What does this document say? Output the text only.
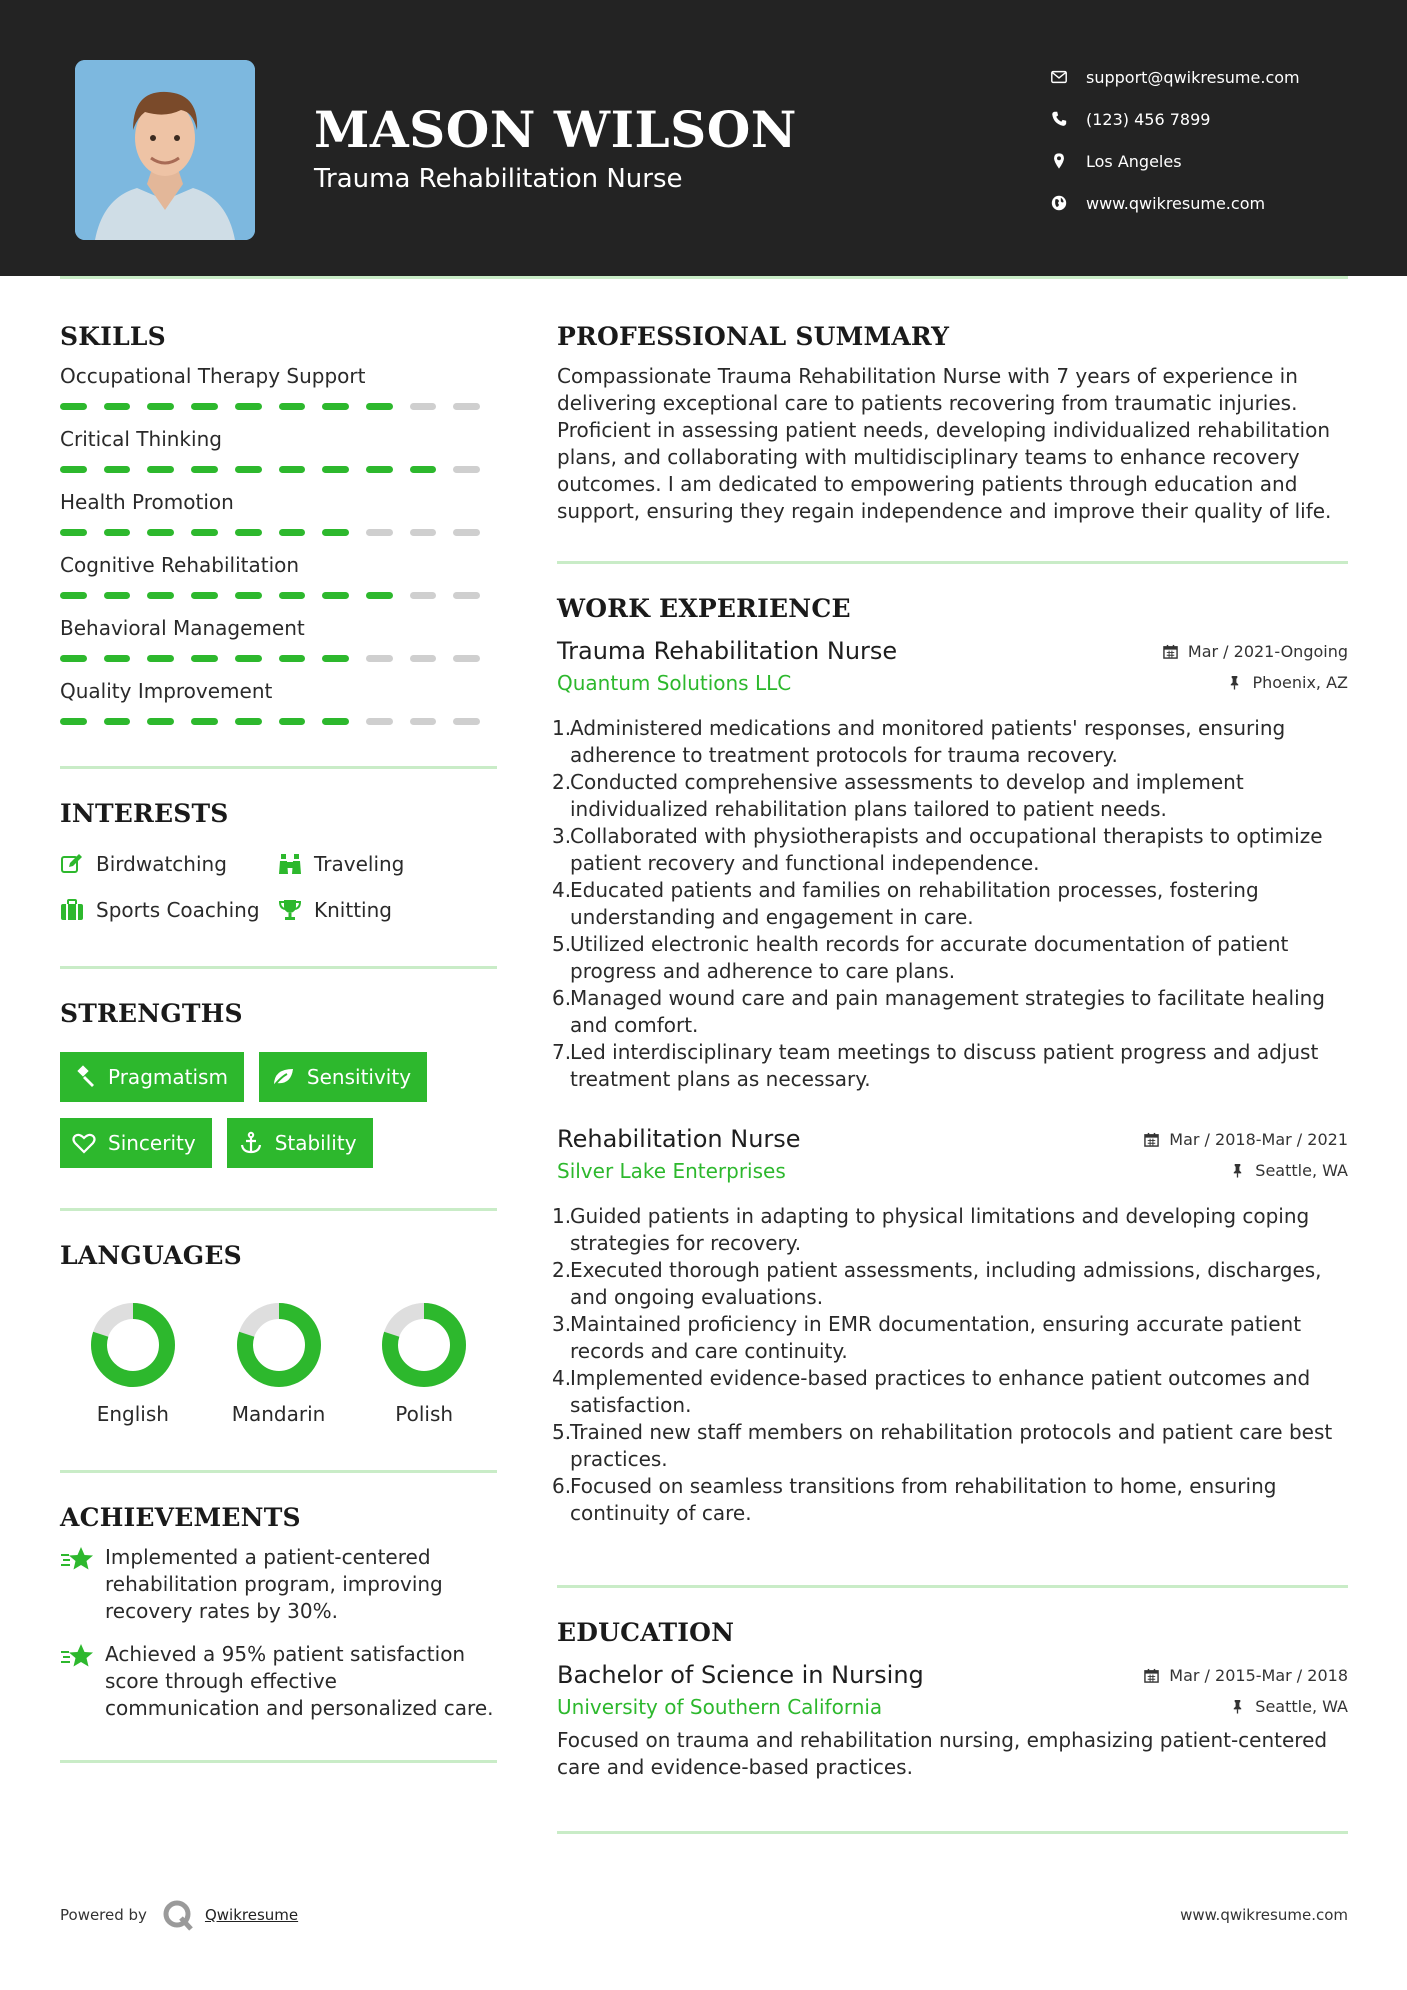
MASON WILSON
Trauma Rehabilitation Nurse
support@qwikresume.com
(123) 456 7899
Los Angeles
www.qwikresume.com
SKILLS
Occupational Therapy Support
Critical Thinking
Health Promotion
Cognitive Rehabilitation
Behavioral Management
Quality Improvement
INTERESTS
Birdwatching	Traveling
Sports Coaching	Knitting
STRENGTHS
Pragmatism	Sensitivity
Sincerity	Stability
LANGUAGES
English	Mandarin	Polish
ACHIEVEMENTS
Implemented a patient-centered rehabilitation program, improving recovery rates by 30%.
Achieved a 95% patient satisfaction score through effective communication and personalized care.
PROFESSIONAL SUMMARY
Compassionate Trauma Rehabilitation Nurse with 7 years of experience in delivering exceptional care to patients recovering from traumatic injuries. Proficient in assessing patient needs, developing individualized rehabilitation plans, and collaborating with multidisciplinary teams to enhance recovery outcomes. I am dedicated to empowering patients through education and support, ensuring they regain independence and improve their quality of life.
WORK EXPERIENCE
Trauma Rehabilitation Nurse	Mar / 2021-Ongoing
Quantum Solutions LLC	Phoenix, AZ
1.
Administered medications and monitored patients' responses, ensuring adherence to treatment protocols for trauma recovery.
2.
Conducted comprehensive assessments to develop and implement individualized rehabilitation plans tailored to patient needs.
3.
Collaborated with physiotherapists and occupational therapists to optimize patient recovery and functional independence.
4.
Educated patients and families on rehabilitation processes, fostering understanding and engagement in care.
5.
Utilized electronic health records for accurate documentation of patient progress and adherence to care plans.
6.
Managed wound care and pain management strategies to facilitate healing and comfort.
7.
Led interdisciplinary team meetings to discuss patient progress and adjust treatment plans as necessary.
Rehabilitation Nurse	Mar / 2018-Mar / 2021
Silver Lake Enterprises	Seattle, WA
1.
Guided patients in adapting to physical limitations and developing coping strategies for recovery.
2.
Executed thorough patient assessments, including admissions, discharges, and ongoing evaluations.
3.
Maintained proficiency in EMR documentation, ensuring accurate patient records and care continuity.
4.
Implemented evidence-based practices to enhance patient outcomes and satisfaction.
5.
Trained new staff members on rehabilitation protocols and patient care best practices.
6.
Focused on seamless transitions from rehabilitation to home, ensuring continuity of care.
EDUCATION
Bachelor of Science in Nursing	Mar / 2015-Mar / 2018
University of Southern California	Seattle, WA
Focused on trauma and rehabilitation nursing, emphasizing patient-centered care and evidence-based practices.
Powered by	Qwikresume	www.qwikresume.com
